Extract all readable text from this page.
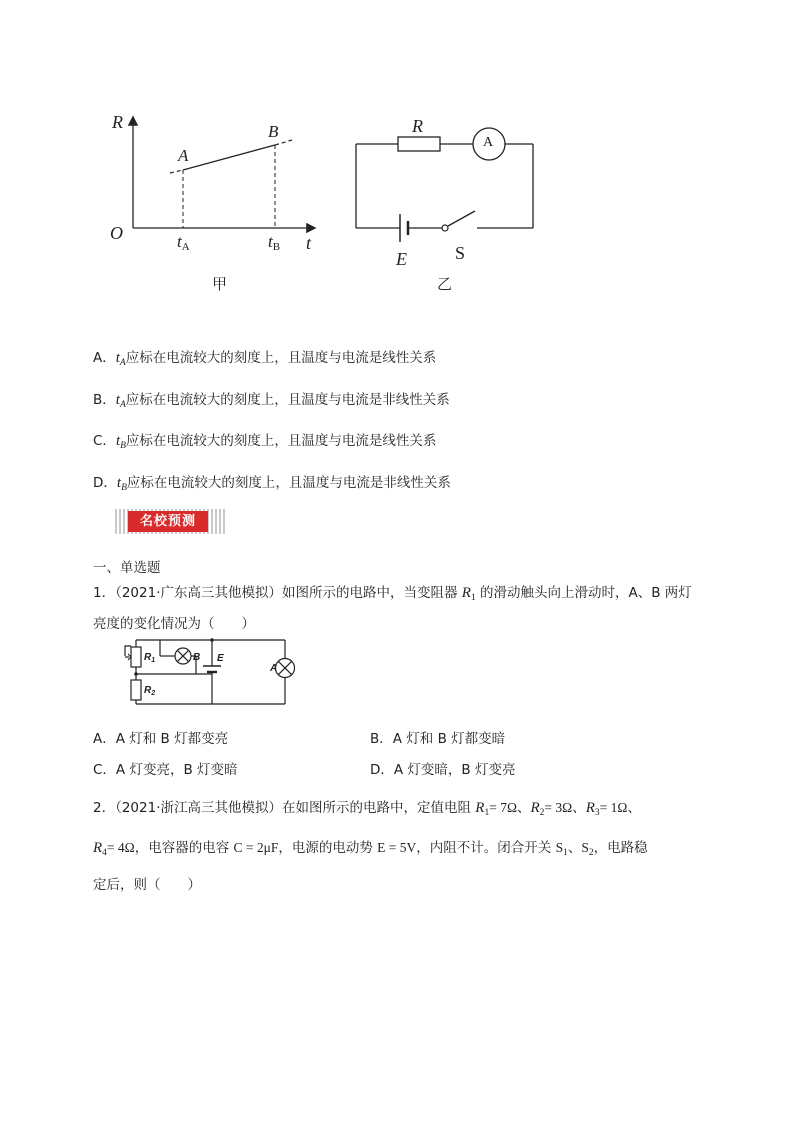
R
t
O
A
B
tA	tB
甲
R
A
E	S
乙
A．$t_A$应标在电流较大的刻度上，且温度与电流是线性关系
B．$t_A$应标在电流较大的刻度上，且温度与电流是非线性关系
C．$t_B$应标在电流较大的刻度上，且温度与电流是线性关系
D．$t_B$应标在电流较大的刻度上，且温度与电流是非线性关系
名校预测
一、单选题
1．（2021·广东高三其他模拟）如图所示的电路中，当变阻器 $R_1$ 的滑动触头向上滑动时，A、B 两灯
亮度的变化情况为（　　）
$R_1$
$R_2$
B E
A
A．A 灯和 B 灯都变亮	B．A 灯和 B 灯都变暗
C．A 灯变亮，B 灯变暗	D．A 灯变暗，B 灯变亮
2．（2021·浙江高三其他模拟）在如图所示的电路中，定值电阻 $R_1= 7\Omega$、$R_2= 3\Omega$、$R_3= 1\Omega$、
$R_4= 4\Omega$，电容器的电容 C = 2μF，电源的电动势 E = 5V，内阻不计。闭合开关 $S_1$、$S_2$，电路稳
定后，则（　　）
